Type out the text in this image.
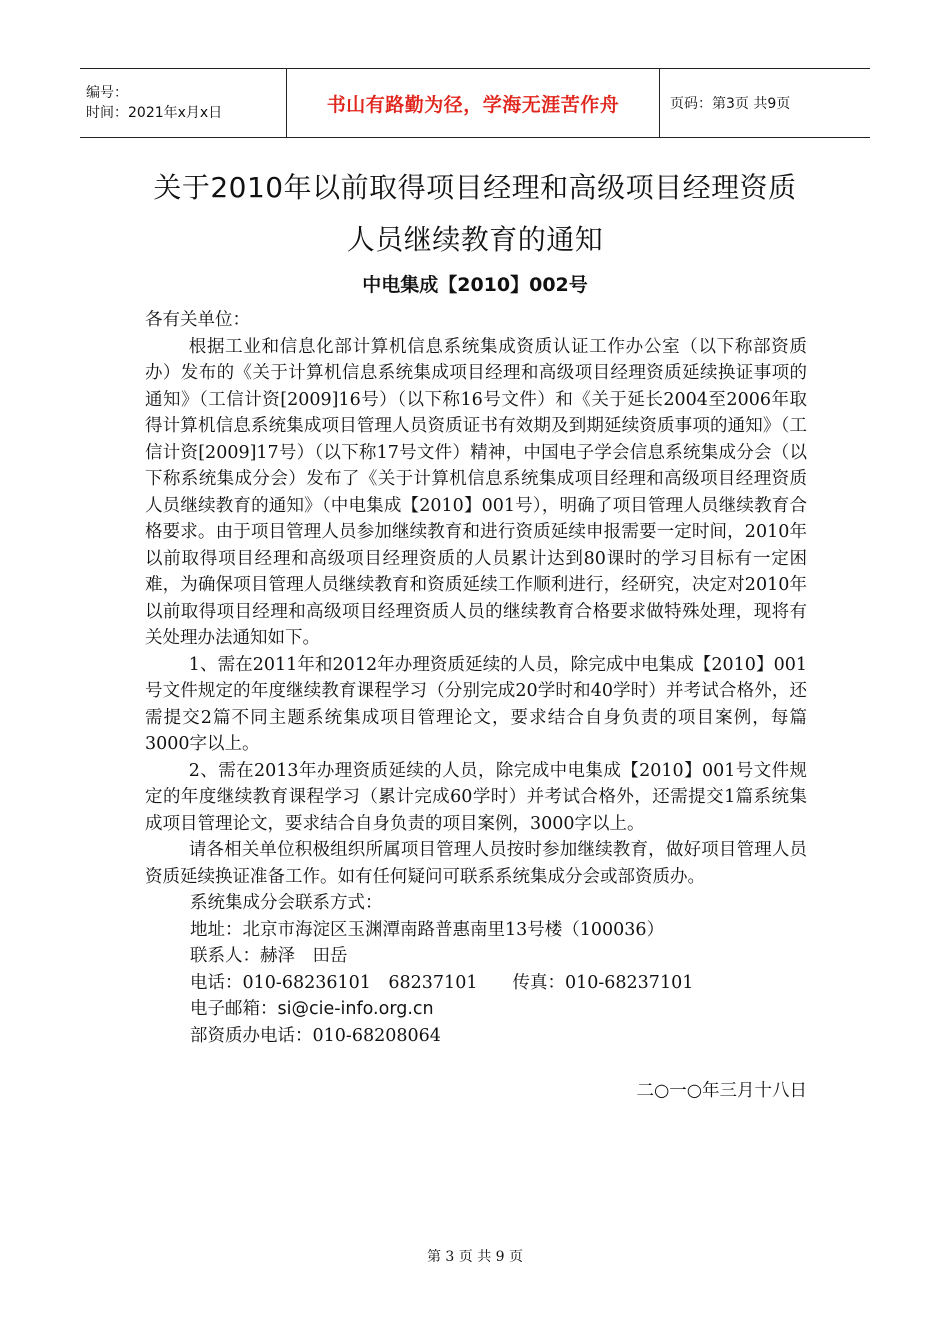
编号：
时间：2021年x月x日	书山有路勤为径，学海无涯苦作舟	页码：第3页 共9页
关于2010年以前取得项目经理和高级项目经理资质
人员继续教育的通知
中电集成【2010】002号

各有关单位：

根据工业和信息化部计算机信息系统集成资质认证工作办公室（以下称部资质办）发布的《关于计算机信息系统集成项目经理和高级项目经理资质延续换证事项的通知》（工信计资[2009]16号）（以下称16号文件）和《关于延长2004至2006年取得计算机信息系统集成项目管理人员资质证书有效期及到期延续资质事项的通知》（工信计资[2009]17号）（以下称17号文件）精神，中国电子学会信息系统集成分会（以下称系统集成分会）发布了《关于计算机信息系统集成项目经理和高级项目经理资质人员继续教育的通知》（中电集成【2010】001号），明确了项目管理人员继续教育合格要求。由于项目管理人员参加继续教育和进行资质延续申报需要一定时间，2010年以前取得项目经理和高级项目经理资质的人员累计达到80课时的学习目标有一定困难，为确保项目管理人员继续教育和资质延续工作顺利进行，经研究，决定对2010年以前取得项目经理和高级项目经理资质人员的继续教育合格要求做特殊处理，现将有关处理办法通知如下。

1、需在2011年和2012年办理资质延续的人员，除完成中电集成【2010】001号文件规定的年度继续教育课程学习（分别完成20学时和40学时）并考试合格外，还需提交2篇不同主题系统集成项目管理论文，要求结合自身负责的项目案例，每篇3000字以上。

2、需在2013年办理资质延续的人员，除完成中电集成【2010】001号文件规定的年度继续教育课程学习（累计完成60学时）并考试合格外，还需提交1篇系统集成项目管理论文，要求结合自身负责的项目案例，3000字以上。

请各相关单位积极组织所属项目管理人员按时参加继续教育，做好项目管理人员资质延续换证准备工作。如有任何疑问可联系系统集成分会或部资质办。

系统集成分会联系方式：

地址：北京市海淀区玉渊潭南路普惠南里13号楼（100036）

联系人：赫泽　田岳

电话：010-68236101　68237101　　传真：010-68237101

电子邮箱：si@cie-info.org.cn

部资质办电话：010-68208064

二○一○年三月十八日
第 3 页 共 9 页
